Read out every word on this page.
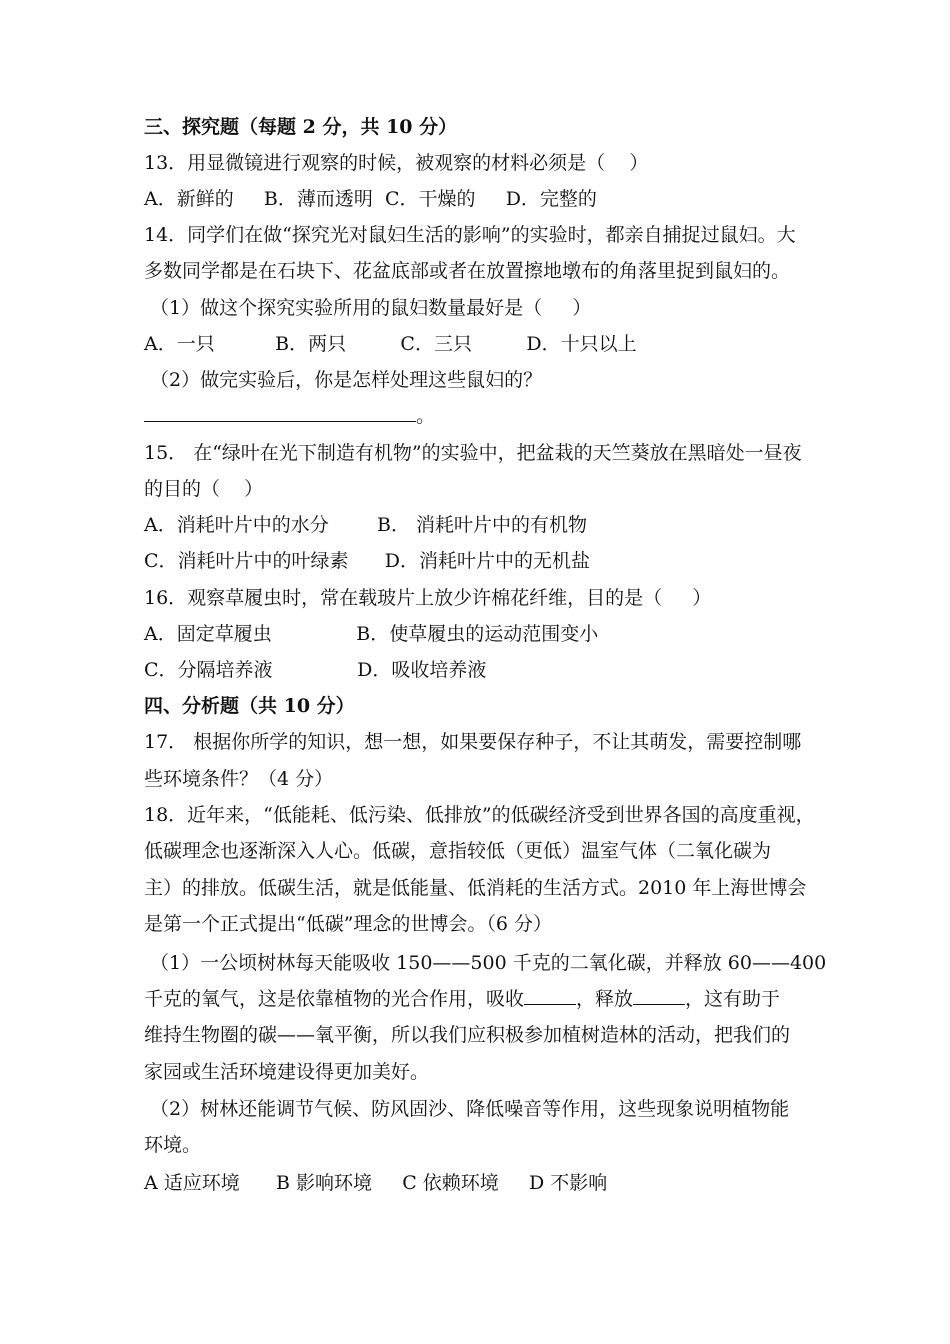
三、探究题（每题 2 分，共 10 分）
13．用显微镜进行观察的时候，被观察的材料必须是（    ）
A．新鲜的     B．薄而透明  C．干燥的     D．完整的
14．同学们在做“探究光对鼠妇生活的影响”的实验时，都亲自捕捉过鼠妇。大
多数同学都是在石块下、花盆底部或者在放置擦地墩布的角落里捉到鼠妇的。
（1）做这个探究实验所用的鼠妇数量最好是（     ）
A．一只          B．两只         C．三只         D．十只以上
（2）做完实验后，你是怎样处理这些鼠妇的？
。
15． 在“绿叶在光下制造有机物”的实验中，把盆栽的天竺葵放在黑暗处一昼夜
的目的（    ）
A．消耗叶片中的水分        B． 消耗叶片中的有机物
C．消耗叶片中的叶绿素      D．消耗叶片中的无机盐
16．观察草履虫时，常在载玻片上放少许棉花纤维，目的是（     ）
A．固定草履虫              B．使草履虫的运动范围变小
C．分隔培养液              D．吸收培养液
四、分析题（共 10 分）
17． 根据你所学的知识，想一想，如果要保存种子，不让其萌发，需要控制哪
些环境条件？（4 分）
18．近年来，“低能耗、低污染、低排放”的低碳经济受到世界各国的高度重视，
低碳理念也逐渐深入人心。低碳，意指较低（更低）温室气体（二氧化碳为
主）的排放。低碳生活，就是低能量、低消耗的生活方式。2010 年上海世博会
是第一个正式提出“低碳”理念的世博会。（6 分）
（1）一公顷树林每天能吸收 150——500 千克的二氧化碳，并释放 60——400
千克的氧气，这是依靠植物的光合作用，吸收	，释放	，这有助于
维持生物圈的碳——氧平衡，所以我们应积极参加植树造林的活动，把我们的
家园或生活环境建设得更加美好。
（2）树林还能调节气候、防风固沙、降低噪音等作用，这些现象说明植物能
环境。
A 适应环境      B 影响环境     C 依赖环境     D 不影响
